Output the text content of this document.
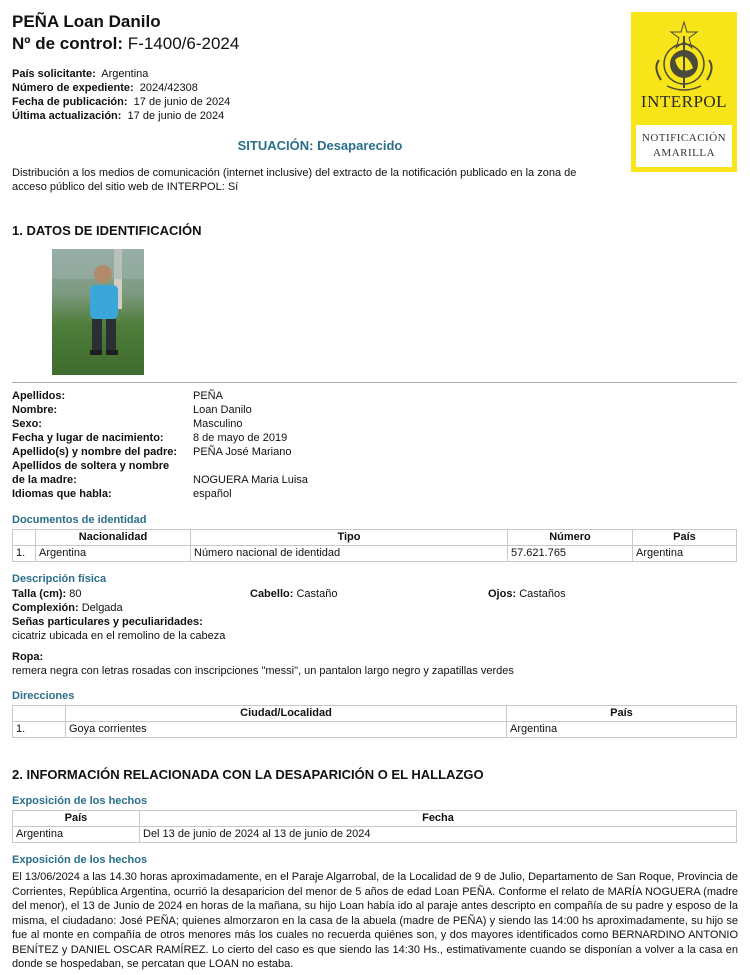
PEÑA Loan Danilo
Nº de control: F-1400/6-2024
País solicitante: Argentina
Número de expediente: 2024/42308
Fecha de publicación: 17 de junio de 2024
Última actualización: 17 de junio de 2024
INTERPOL
NOTIFICACIÓN
AMARILLA
SITUACIÓN: Desaparecido
Distribución a los medios de comunicación (internet inclusive) del extracto de la notificación publicado en la zona de acceso público del sitio web de INTERPOL: Sí
1. DATOS DE IDENTIFICACIÓN
Apellidos:	PEÑA
Nombre:	Loan Danilo
Sexo:	Masculino
Fecha y lugar de nacimiento:	8 de mayo de 2019
Apellido(s) y nombre del padre:	PEÑA José Mariano
Apellidos de soltera y nombre
de la madre:	NOGUERA Maria Luisa
Idiomas que habla:	español
Documentos de identidad
	Nacionalidad	Tipo	Número	País
1.	Argentina	Número nacional de identidad	57.621.765	Argentina
Descripción física
Talla (cm): 80	Cabello: Castaño	Ojos: Castaños
Complexión: Delgada
Señas particulares y peculiaridades:
cicatriz ubicada en el remolino de la cabeza
Ropa:
remera negra con letras rosadas con inscripciones "messi", un pantalon largo negro y zapatillas verdes
Direcciones
	Ciudad/Localidad	País
1.	Goya corrientes	Argentina
2. INFORMACIÓN RELACIONADA CON LA DESAPARICIÓN O EL HALLAZGO
Exposición de los hechos
País	Fecha
Argentina	Del 13 de junio de 2024 al 13 de junio de 2024
Exposición de los hechos
El 13/06/2024 a las 14.30 horas aproximadamente, en el Paraje Algarrobal, de la Localidad de 9 de Julio, Departamento de San Roque, Provincia de Corrientes, República Argentina, ocurrió la desaparicion del menor de 5 años de edad Loan PEÑA. Conforme el relato de MARÍA NOGUERA (madre del menor), el 13 de Junio de 2024 en horas de la mañana, su hijo Loan había ido al paraje antes descripto en compañía de su padre y esposo de la misma, el ciudadano: José PEÑA; quienes almorzaron en la casa de la abuela (madre de PEÑA) y siendo las 14:00 hs aproximadamente, su hijo se fue al monte en compañía de otros menores más los cuales no recuerda quiénes son, y dos mayores identificados como BERNARDINO ANTONIO BENÍTEZ y DANIEL OSCAR RAMÍREZ. Lo cierto del caso es que siendo las 14:30 Hs., estimativamente cuando se disponían a volver a la casa en donde se hospedaban, se percatan que LOAN no estaba.
